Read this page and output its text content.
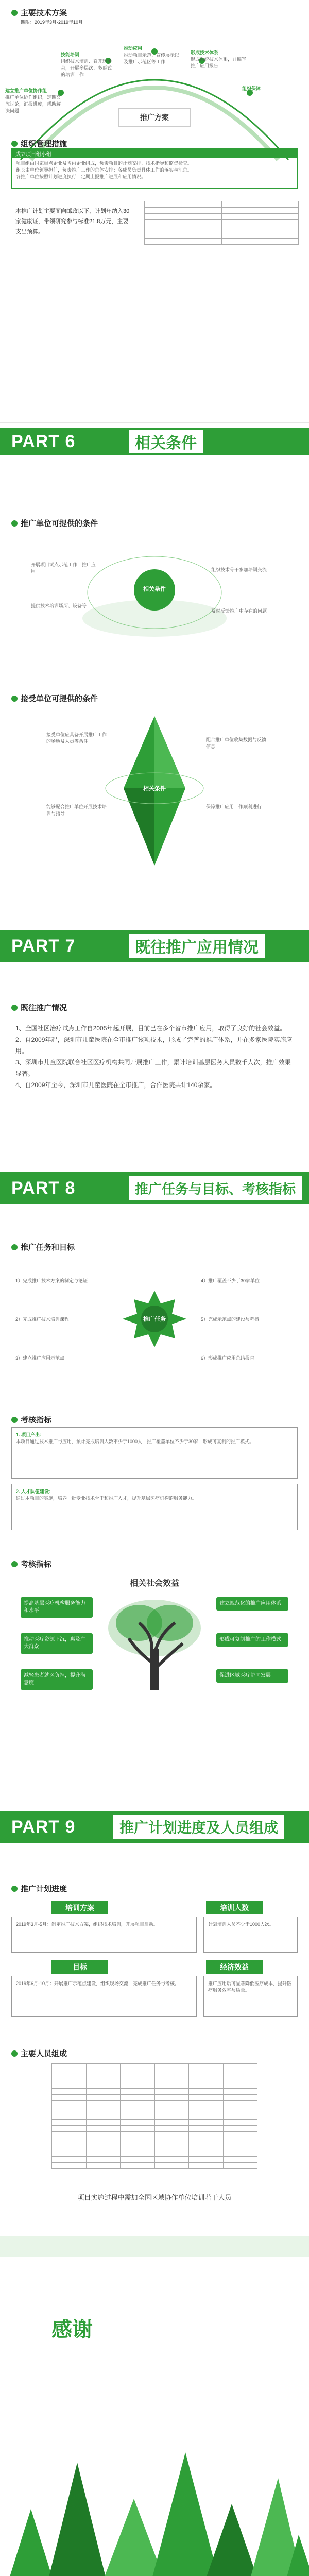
主要技术方案
期限：2019年3月-2019年10月
推广方案
建立推广单位协作组
推广单位协作组织，定期交流讨论，汇报进度，帮助解决问题
技能培训
组织技术培训、召开现场会，开展多层次、多形式的培训工作
推动应用
推动项目示范、宣传展示以及推广示范区等工作
形成技术体系
形成系统技术体系，并编写推广应用报告
组织保障
组织管理措施
成立项目组小组
项目组由国家重点企业及省内企业组成，负责项目的计划安排、技术指导和监督检查。
组长由单位领导担任，负责推广工作的总体安排；各成员负责具体工作的落实与汇总。
各推广单位按照计划进度执行，定期上报推广进展和应用情况。
本推广计划主要面向邮政以下、计划年纳入30家健康证，带领研究参与标准21.8万元，主要支出预算。

PART 6	相关条件
推广单位可提供的条件
相关条件
开展项目试点示范工作，推广应用
提供技术培训场所、设备等
组织技术骨干参加培训交流
及时反馈推广中存在的问题
接受单位可提供的条件
相关条件
接受单位应具备开展推广工作的场地及人员等条件
能够配合推广单位开展技术培训与指导
配合推广单位收集数据与反馈信息
保障推广应用工作顺利进行
PART 7	既往推广应用情况
既往推广情况

1、全国社区治疗试点工作自2005年起开展，目前已在多个省市推广应用，取得了良好的社会效益。

2、自2009年起，深圳市儿童医院在全市推广该项技术，形成了完善的推广体系，并在多家医院实施应用。

3、深圳市儿童医院联合社区医疗机构共同开展推广工作，累计培训基层医务人员数千人次，推广效果显著。

4、自2009年至今，深圳市儿童医院在全市推广，合作医院共计140余家。

PART 8	推广任务与目标、考核指标
推广任务和目标
推广任务
1）完成推广技术方案的制定与论证
2）完成推广技术培训课程
3）建立推广应用示范点
4）推广覆盖不少于30家单位
5）完成示范点的建设与考核
6）形成推广应用总结报告
考核指标
1. 项目产出：
本项目通过技术推广与应用，预计完成培训人数不少于1000人，推广覆盖单位不少于30家，形成可复制的推广模式。
2. 人才队伍建设：
通过本项目的实施，培养一批专业技术骨干和推广人才，提升基层医疗机构的服务能力。
考核指标
相关社会效益
提高基层医疗机构服务能力和水平
推动医疗资源下沉，惠及广大群众
减轻患者就医负担，提升满意度
建立规范化的推广应用体系
形成可复制推广的工作模式
促进区域医疗协同发展
PART 9	推广计划进度及人员组成
推广计划进度
培训方案
2019年3月-5月：制定推广技术方案，组织技术培训，开展项目启动。
培训人数
计划培训人员不少于1000人次。
目标
2019年6月-10月：开展推广示范点建设，组织现场交流，完成推广任务与考核。
经济效益
推广应用后可显著降低医疗成本，提升医疗服务效率与质量。
主要人员组成

项目实施过程中需加全国区域协作单位培训若干人员
感谢
